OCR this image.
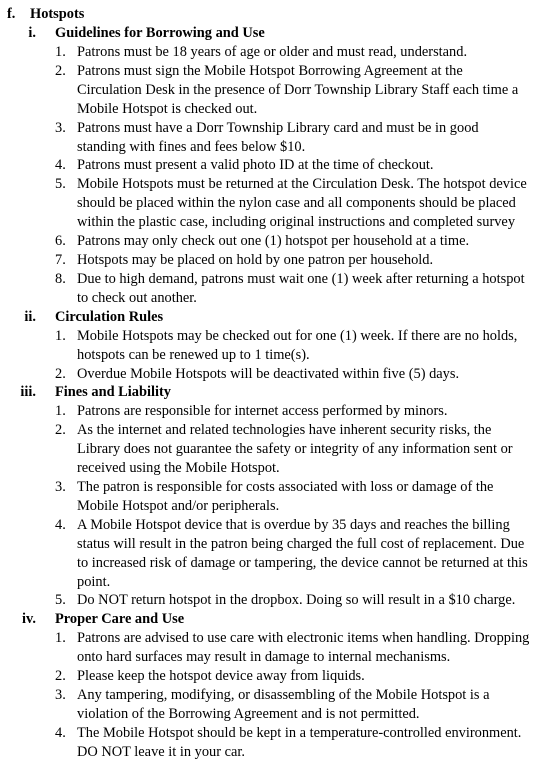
f. Hotspots
i. Guidelines for Borrowing and Use
1. Patrons must be 18 years of age or older and must read, understand.
2. Patrons must sign the Mobile Hotspot Borrowing Agreement at the Circulation Desk in the presence of Dorr Township Library Staff each time a Mobile Hotspot is checked out.
3. Patrons must have a Dorr Township Library card and must be in good standing with fines and fees below $10.
4. Patrons must present a valid photo ID at the time of checkout.
5. Mobile Hotspots must be returned at the Circulation Desk. The hotspot device should be placed within the nylon case and all components should be placed within the plastic case, including original instructions and completed survey
6. Patrons may only check out one (1) hotspot per household at a time.
7. Hotspots may be placed on hold by one patron per household.
8. Due to high demand, patrons must wait one (1) week after returning a hotspot to check out another.
ii. Circulation Rules
1. Mobile Hotspots may be checked out for one (1) week. If there are no holds, hotspots can be renewed up to 1 time(s).
2. Overdue Mobile Hotspots will be deactivated within five (5) days.
iii. Fines and Liability
1. Patrons are responsible for internet access performed by minors.
2. As the internet and related technologies have inherent security risks, the Library does not guarantee the safety or integrity of any information sent or received using the Mobile Hotspot.
3. The patron is responsible for costs associated with loss or damage of the Mobile Hotspot and/or peripherals.
4. A Mobile Hotspot device that is overdue by 35 days and reaches the billing status will result in the patron being charged the full cost of replacement. Due to increased risk of damage or tampering, the device cannot be returned at this point.
5. Do NOT return hotspot in the dropbox. Doing so will result in a $10 charge.
iv. Proper Care and Use
1. Patrons are advised to use care with electronic items when handling. Dropping onto hard surfaces may result in damage to internal mechanisms.
2. Please keep the hotspot device away from liquids.
3. Any tampering, modifying, or disassembling of the Mobile Hotspot is a violation of the Borrowing Agreement and is not permitted.
4. The Mobile Hotspot should be kept in a temperature-controlled environment. DO NOT leave it in your car.
